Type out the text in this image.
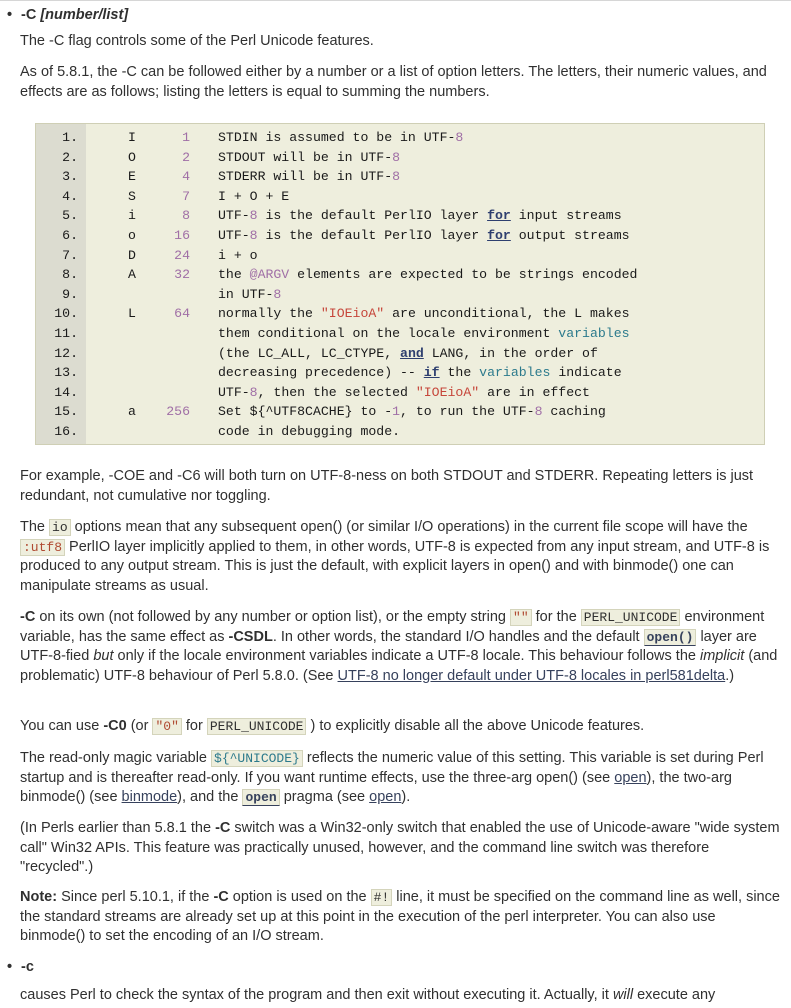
• -C [number/list]
The -C flag controls some of the Perl Unicode features.
As of 5.8.1, the -C can be followed either by a number or a list of option letters. The letters, their numeric values, and effects are as follows; listing the letters is equal to summing the numbers.
1.	I	1 STDIN is assumed to be in UTF-8
2.	O	2 STDOUT will be in UTF-8
3.	E	4 STDERR will be in UTF-8
4.	S	7 I + O + E
5.	i	8 UTF-8 is the default PerlIO layer for input streams
6.	o	16 UTF-8 is the default PerlIO layer for output streams
7.	D	24 i + o
8.	A	32 the @ARGV elements are expected to be strings encoded
9.	in UTF-8
10.	L	64 normally the "IOEioA" are unconditional, the L makes
11.	them conditional on the locale environment variables
12.	(the LC_ALL, LC_CTYPE, and LANG, in the order of
13.	decreasing precedence) -- if the variables indicate
14.	UTF-8, then the selected "IOEioA" are in effect
15.	a	256 Set ${^UTF8CACHE} to -1, to run the UTF-8 caching
16.	code in debugging mode.
For example, -COE and -C6 will both turn on UTF-8-ness on both STDOUT and STDERR. Repeating letters is just redundant, not cumulative nor toggling.
The io options mean that any subsequent open() (or similar I/O operations) in the current file scope will have the :utf8 PerlIO layer implicitly applied to them, in other words, UTF-8 is expected from any input stream, and UTF-8 is produced to any output stream. This is just the default, with explicit layers in open() and with binmode() one can manipulate streams as usual.
-C on its own (not followed by any number or option list), or the empty string "" for the PERL_UNICODE environment variable, has the same effect as -CSDL. In other words, the standard I/O handles and the default open() layer are UTF-8-fied but only if the locale environment variables indicate a UTF-8 locale. This behaviour follows the implicit (and problematic) UTF-8 behaviour of Perl 5.8.0. (See UTF-8 no longer default under UTF-8 locales in perl581delta.)
You can use -C0 (or "0" for PERL_UNICODE ) to explicitly disable all the above Unicode features.
The read-only magic variable ${^UNICODE} reflects the numeric value of this setting. This variable is set during Perl startup and is thereafter read-only. If you want runtime effects, use the three-arg open() (see open), the two-arg binmode() (see binmode), and the open pragma (see open).
(In Perls earlier than 5.8.1 the -C switch was a Win32-only switch that enabled the use of Unicode-aware "wide system call" Win32 APIs. This feature was practically unused, however, and the command line switch was therefore "recycled".)
Note: Since perl 5.10.1, if the -C option is used on the #! line, it must be specified on the command line as well, since the standard streams are already set up at this point in the execution of the perl interpreter. You can also use binmode() to set the encoding of an I/O stream.
• -c
causes Perl to check the syntax of the program and then exit without executing it. Actually, it will execute any
